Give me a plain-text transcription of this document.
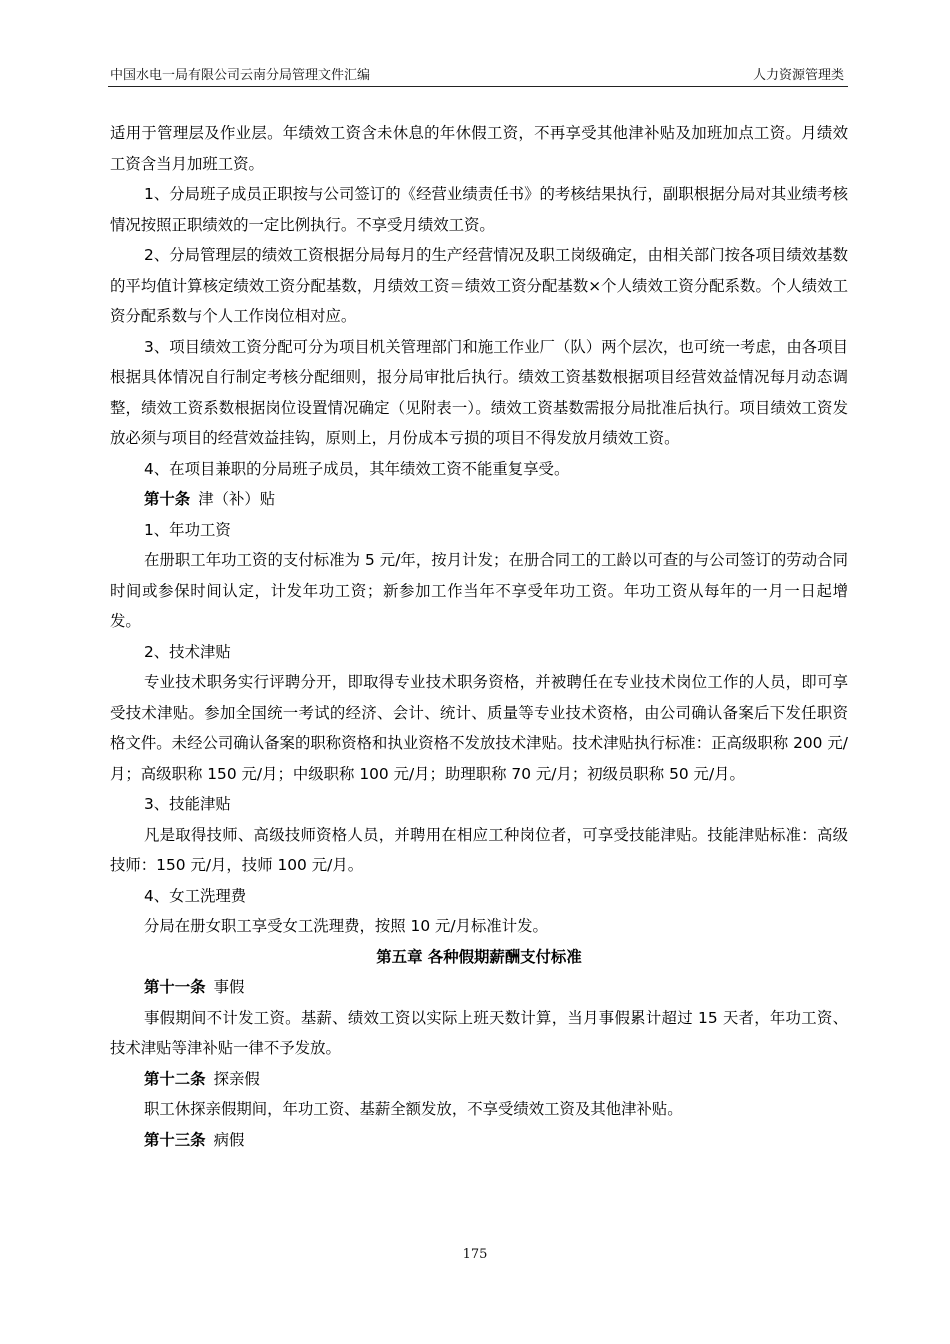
中国水电一局有限公司云南分局管理文件汇编	人力资源管理类

适用于管理层及作业层。年绩效工资含未休息的年休假工资，不再享受其他津补贴及加班加点工资。月绩效工资含当月加班工资。

1、分局班子成员正职按与公司签订的《经营业绩责任书》的考核结果执行，副职根据分局对其业绩考核情况按照正职绩效的一定比例执行。不享受月绩效工资。

2、分局管理层的绩效工资根据分局每月的生产经营情况及职工岗级确定，由相关部门按各项目绩效基数的平均值计算核定绩效工资分配基数，月绩效工资＝绩效工资分配基数×个人绩效工资分配系数。个人绩效工资分配系数与个人工作岗位相对应。

3、项目绩效工资分配可分为项目机关管理部门和施工作业厂（队）两个层次，也可统一考虑，由各项目根据具体情况自行制定考核分配细则，报分局审批后执行。绩效工资基数根据项目经营效益情况每月动态调整，绩效工资系数根据岗位设置情况确定（见附表一）。绩效工资基数需报分局批准后执行。项目绩效工资发放必须与项目的经营效益挂钩，原则上，月份成本亏损的项目不得发放月绩效工资。

4、在项目兼职的分局班子成员，其年绩效工资不能重复享受。

第十条 津（补）贴

1、年功工资

在册职工年功工资的支付标准为 5 元/年，按月计发；在册合同工的工龄以可查的与公司签订的劳动合同时间或参保时间认定，计发年功工资；新参加工作当年不享受年功工资。年功工资从每年的一月一日起增发。

2、技术津贴

专业技术职务实行评聘分开，即取得专业技术职务资格，并被聘任在专业技术岗位工作的人员，即可享受技术津贴。参加全国统一考试的经济、会计、统计、质量等专业技术资格，由公司确认备案后下发任职资格文件。未经公司确认备案的职称资格和执业资格不发放技术津贴。技术津贴执行标准：正高级职称 200 元/月；高级职称 150 元/月；中级职称 100 元/月；助理职称 70 元/月；初级员职称 50 元/月。

3、技能津贴

凡是取得技师、高级技师资格人员，并聘用在相应工种岗位者，可享受技能津贴。技能津贴标准：高级技师：150 元/月，技师 100 元/月。

4、女工洗理费

分局在册女职工享受女工洗理费，按照 10 元/月标准计发。

第五章 各种假期薪酬支付标准

第十一条 事假

事假期间不计发工资。基薪、绩效工资以实际上班天数计算，当月事假累计超过 15 天者，年功工资、技术津贴等津补贴一律不予发放。

第十二条 探亲假

职工休探亲假期间，年功工资、基薪全额发放，不享受绩效工资及其他津补贴。

第十三条 病假

175
